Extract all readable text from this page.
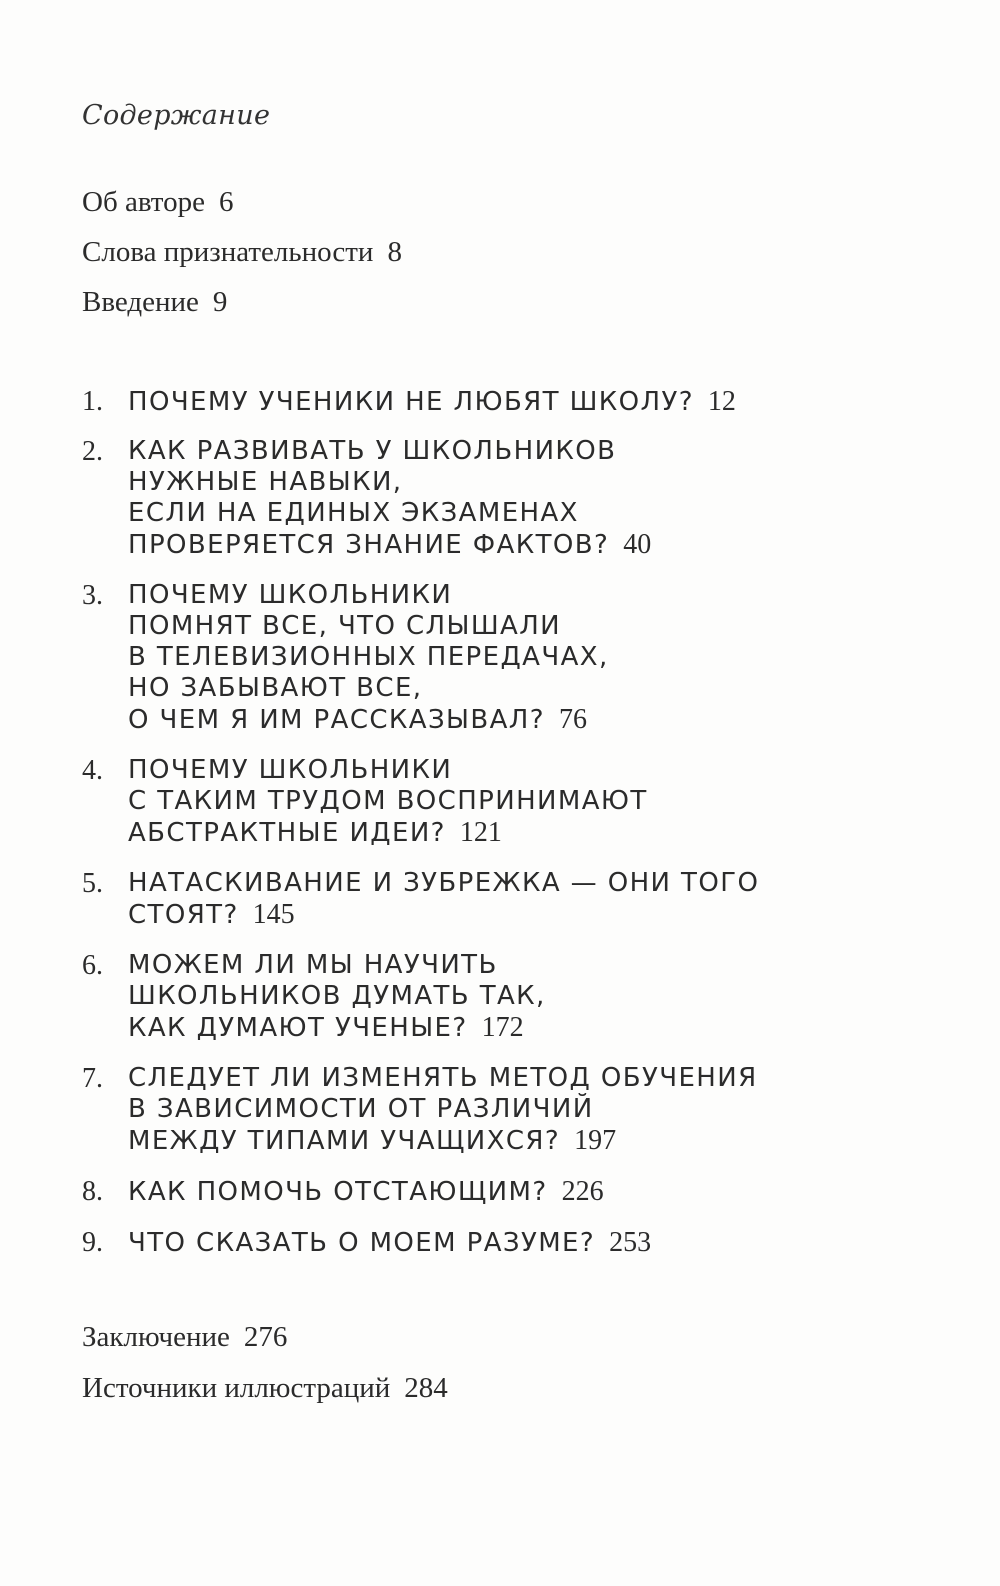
Содержание
Об авторе 6
Слова признательности 8
Введение 9
1. ПОЧЕМУ УЧЕНИКИ НЕ ЛЮБЯТ ШКОЛУ? 12
2. КАК РАЗВИВАТЬ У ШКОЛЬНИКОВ
НУЖНЫЕ НАВЫКИ,
ЕСЛИ НА ЕДИНЫХ ЭКЗАМЕНАХ
ПРОВЕРЯЕТСЯ ЗНАНИЕ ФАКТОВ? 40
3. ПОЧЕМУ ШКОЛЬНИКИ
ПОМНЯТ ВСЕ, ЧТО СЛЫШАЛИ
В ТЕЛЕВИЗИОННЫХ ПЕРЕДАЧАХ,
НО ЗАБЫВАЮТ ВСЕ,
О ЧЕМ Я ИМ РАССКАЗЫВАЛ? 76
4. ПОЧЕМУ ШКОЛЬНИКИ
С ТАКИМ ТРУДОМ ВОСПРИНИМАЮТ
АБСТРАКТНЫЕ ИДЕИ? 121
5. НАТАСКИВАНИЕ И ЗУБРЕЖКА — ОНИ ТОГО
СТОЯТ? 145
6. МОЖЕМ ЛИ МЫ НАУЧИТЬ
ШКОЛЬНИКОВ ДУМАТЬ ТАК,
КАК ДУМАЮТ УЧЕНЫЕ? 172
7. СЛЕДУЕТ ЛИ ИЗМЕНЯТЬ МЕТОД ОБУЧЕНИЯ
В ЗАВИСИМОСТИ ОТ РАЗЛИЧИЙ
МЕЖДУ ТИПАМИ УЧАЩИХСЯ? 197
8. КАК ПОМОЧЬ ОТСТАЮЩИМ? 226
9. ЧТО СКАЗАТЬ О МОЕМ РАЗУМЕ? 253
Заключение 276
Источники иллюстраций 284
